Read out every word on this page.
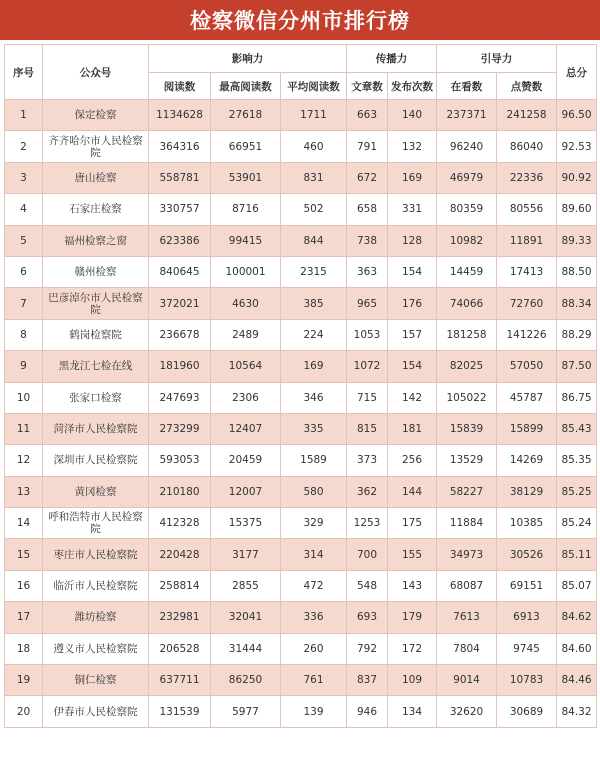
检察微信分州市排行榜
序号	公众号	影响力			传播力		引导力		总分
		阅读数	最高阅读数	平均阅读数	文章数	发布次数	在看数	点赞数	
1	保定检察	1134628	27618	1711	663	140	237371	241258	96.50
2	齐齐哈尔市人民检察院	364316	66951	460	791	132	96240	86040	92.53
3	唐山检察	558781	53901	831	672	169	46979	22336	90.92
4	石家庄检察	330757	8716	502	658	331	80359	80556	89.60
5	福州检察之窗	623386	99415	844	738	128	10982	11891	89.33
6	赣州检察	840645	100001	2315	363	154	14459	17413	88.50
7	巴彦淖尔市人民检察院	372021	4630	385	965	176	74066	72760	88.34
8	鹤岗检察院	236678	2489	224	1053	157	181258	141226	88.29
9	黑龙江七检在线	181960	10564	169	1072	154	82025	57050	87.50
10	张家口检察	247693	2306	346	715	142	105022	45787	86.75
11	菏泽市人民检察院	273299	12407	335	815	181	15839	15899	85.43
12	深圳市人民检察院	593053	20459	1589	373	256	13529	14269	85.35
13	黄冈检察	210180	12007	580	362	144	58227	38129	85.25
14	呼和浩特市人民检察院	412328	15375	329	1253	175	11884	10385	85.24
15	枣庄市人民检察院	220428	3177	314	700	155	34973	30526	85.11
16	临沂市人民检察院	258814	2855	472	548	143	68087	69151	85.07
17	潍坊检察	232981	32041	336	693	179	7613	6913	84.62
18	遵义市人民检察院	206528	31444	260	792	172	7804	9745	84.60
19	铜仁检察	637711	86250	761	837	109	9014	10783	84.46
20	伊春市人民检察院	131539	5977	139	946	134	32620	30689	84.32
